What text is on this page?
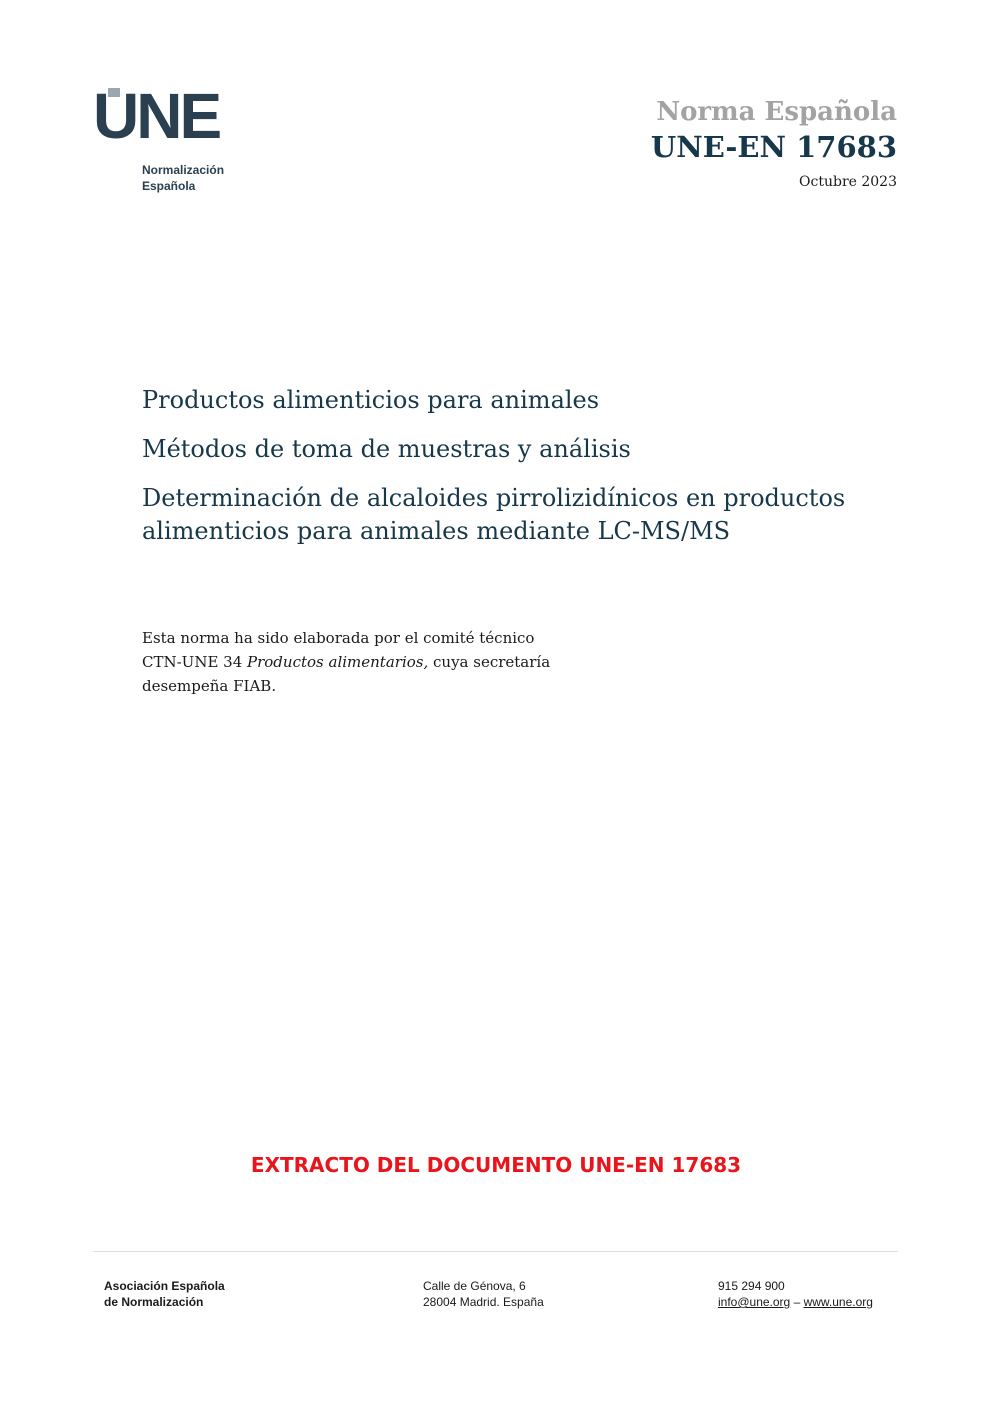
UNE
Normalización
Española
Norma Española
UNE-EN 17683
Octubre 2023
Productos alimenticios para animales
Métodos de toma de muestras y análisis
Determinación de alcaloides pirrolizidínicos en productos alimenticios para animales mediante LC-MS/MS
Esta norma ha sido elaborada por el comité técnico
CTN-UNE 34 Productos alimentarios, cuya secretaría
desempeña FIAB.
EXTRACTO DEL DOCUMENTO UNE-EN 17683
Asociación Española
de Normalización
Calle de Génova, 6
28004 Madrid. España
915 294 900
info@une.org – www.une.org
